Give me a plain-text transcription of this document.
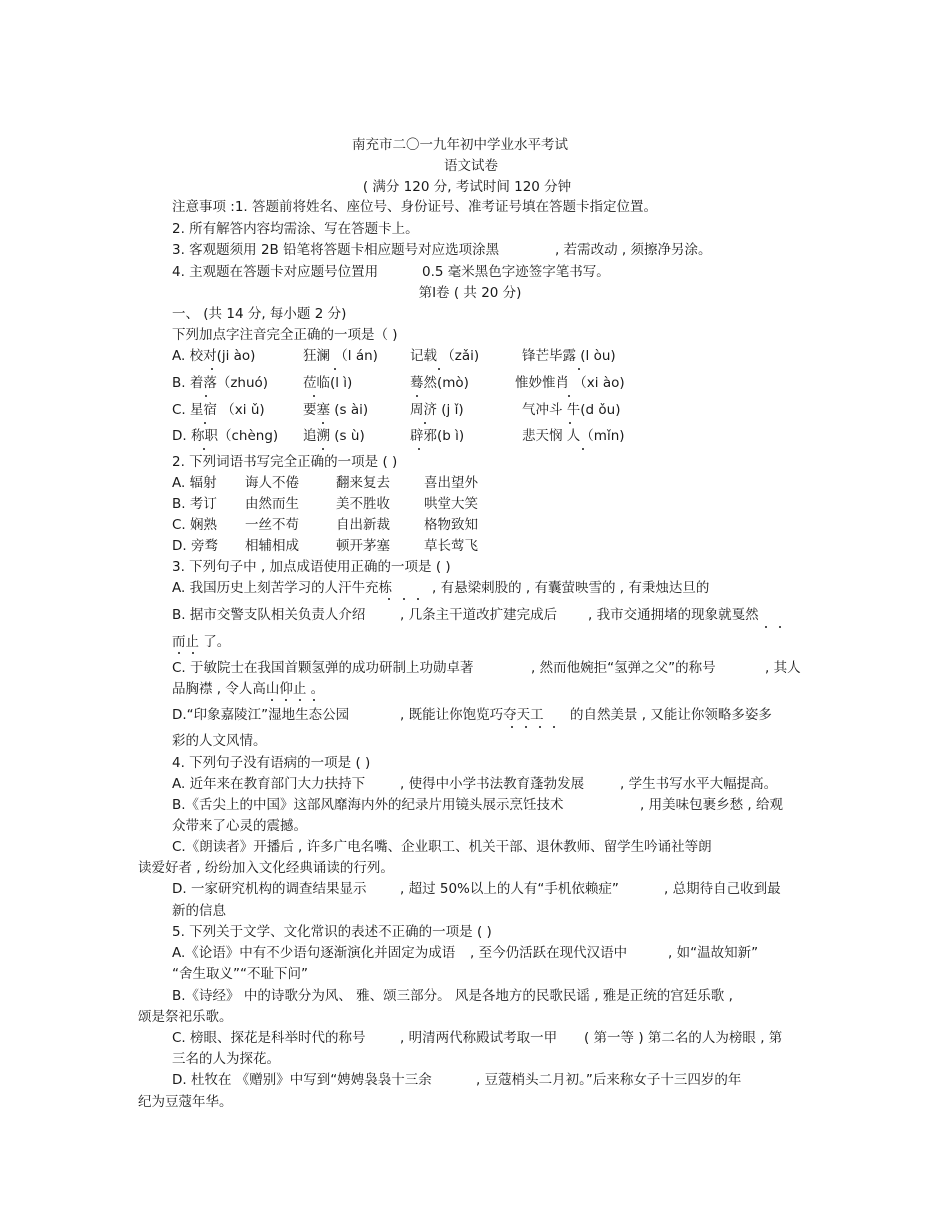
南充市二〇一九年初中学业水平考试
语文试卷
( 满分 120 分, 考试时间 120 分钟
注意事项 :1. 答题前将姓名、座位号、身份证号、准考证号填在答题卡指定位置。
2. 所有解答内容均需涂、写在答题卡上。
3. 客观题须用 2B 铅笔将答题卡相应题号对应选项涂黑	, 若需改动 , 须擦净另涂。
4. 主观题在答题卡对应题号位置用	0.5 毫米黑色字迹签字笔书写。
第Ⅰ卷 ( 共 20 分)
一、 (共 14 分, 每小题 2 分)
下列加点字注音完全正确的一项是（ )
A. 校对(ji ào)	狂澜 （l án) 记载 （zǎi)	锋芒毕露 (l òu)
B. 着落（zhuó)	莅临(l ì)	蓦然(mò)	惟妙惟肖 （xi ào)
C. 星宿 （xi ǔ)	要塞 (s ài)	周济 (j ǐ)	气冲斗 牛(d ǒu)
D. 称职（chèng) 追溯 (s ù)	辟邪(b ì)	悲天悯 人（mǐn)
2. 下列词语书写完全正确的一项是 ( )
A. 辐射 诲人不倦	翻来复去	喜出望外
B. 考订 由然而生	美不胜收	哄堂大笑
C. 娴熟 一丝不苟	自出新裁	格物致知
D. 旁骛 相辅相成	顿开茅塞	草长莺飞
3. 下列句子中 , 加点成语使用正确的一项是 ( )
A. 我国历史上刻苦学习的人汗牛充栋	, 有悬梁刺股的 , 有囊萤映雪的 , 有秉烛达旦的
B. 据市交警支队相关负责人介绍	, 几条主干道改扩建完成后 , 我市交通拥堵的现象就戛然
而止 了。
C. 于敏院士在我国首颗氢弹的成功研制上功勋卓著	, 然而他婉拒“氢弹之父”的称号	, 其人
品胸襟 , 令人高山仰止 。
D.“印象嘉陵江”湿地生态公园	, 既能让你饱览巧夺天工 的自然美景 , 又能让你领略多姿多
彩的人文风情。
4. 下列句子没有语病的一项是 ( )
A. 近年来在教育部门大力扶持下	, 使得中小学书法教育蓬勃发展	, 学生书写水平大幅提高。
B.《舌尖上的中国》这部风靡海内外的纪录片用镜头展示烹饪技术	, 用美味包裹乡愁 , 给观
众带来了心灵的震撼。
C.《朗读者》开播后 , 许多广电名嘴、企业职工、机关干部、退休教师、留学生吟诵社等朗
读爱好者 , 纷纷加入文化经典诵读的行列。
D. 一家研究机构的调查结果显示 , 超过 50%以上的人有“手机依赖症”	, 总期待自己收到最
新的信息
5. 下列关于文学、文化常识的表述不正确的一项是 ( )
A.《论语》中有不少语句逐渐演化并固定为成语 , 至今仍活跃在现代汉语中	, 如“温故知新”
“舍生取义”“不耻下问”
B.《诗经》 中的诗歌分为风、 雅、颂三部分。 风是各地方的民歌民谣 , 雅是正统的宫廷乐歌 ,
颂是祭祀乐歌。
C. 榜眼、探花是科举时代的称号	, 明清两代称殿试考取一甲 ( 第一等 ) 第二名的人为榜眼 , 第
三名的人为探花。
D. 杜牧在 《赠别》中写到“娉娉袅袅十三余	, 豆蔻梢头二月初。”后来称女子十三四岁的年
纪为豆蔻年华。
